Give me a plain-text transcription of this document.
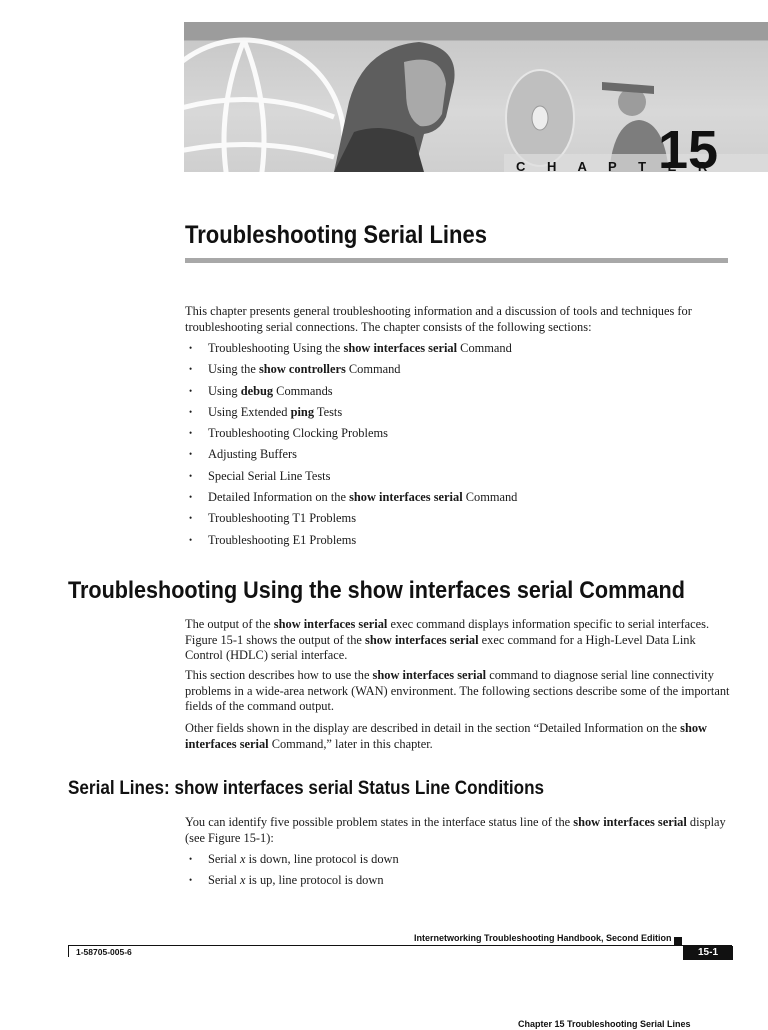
C H A P T E R
15
Troubleshooting Serial Lines
This chapter presents general troubleshooting information and a discussion of tools and techniques for troubleshooting serial connections. The chapter consists of the following sections:
• Troubleshooting Using the show interfaces serial Command
• Using the show controllers Command
• Using debug Commands
• Using Extended ping Tests
• Troubleshooting Clocking Problems
• Adjusting Buffers
• Special Serial Line Tests
• Detailed Information on the show interfaces serial Command
• Troubleshooting T1 Problems
• Troubleshooting E1 Problems
Troubleshooting Using the show interfaces serial Command
The output of the show interfaces serial exec command displays information specific to serial interfaces. Figure 15-1 shows the output of the show interfaces serial exec command for a High-Level Data Link Control (HDLC) serial interface.
This section describes how to use the show interfaces serial command to diagnose serial line connectivity problems in a wide-area network (WAN) environment. The following sections describe some of the important fields of the command output.
Other fields shown in the display are described in detail in the section “Detailed Information on the show interfaces serial Command,” later in this chapter.
Serial Lines: show interfaces serial Status Line Conditions
You can identify five possible problem states in the interface status line of the show interfaces serial display (see Figure 15-1):
• Serial x is down, line protocol is down
• Serial x is up, line protocol is down
Internetworking Troubleshooting Handbook, Second Edition
1-58705-005-6	15-1
Chapter 15 Troubleshooting Serial Lines
